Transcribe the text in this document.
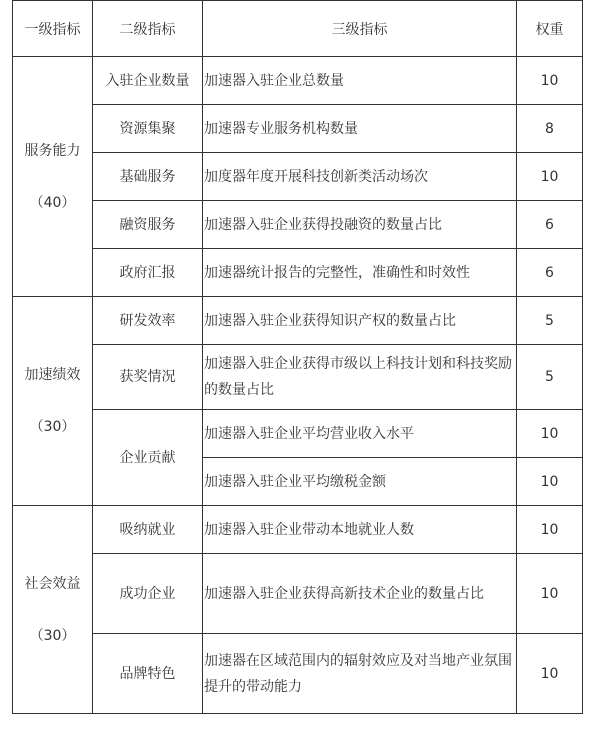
一级指标	二级指标	三级指标	权重

服务能力
（40）	入驻企业数量	加速器入驻企业总数量	10
	资源集聚	加速器专业服务机构数量	8
	基础服务	加度器年度开展科技创新类活动场次	10
	融资服务	加速器入驻企业获得投融资的数量占比	6
	政府汇报	加速器统计报告的完整性，准确性和时效性	6

加速绩效
（30）	研发效率	加速器入驻企业获得知识产权的数量占比	5
	获奖情况	加速器入驻企业获得市级以上科技计划和科技奖励的数量占比	5
	企业贡献	加速器入驻企业平均营业收入水平	10
		加速器入驻企业平均缴税金额	10

社会效益
（30）	吸纳就业	加速器入驻企业带动本地就业人数	10
	成功企业	加速器入驻企业获得高新技术企业的数量占比	10
	品牌特色	加速器在区域范围内的辐射效应及对当地产业氛围提升的带动能力	10
